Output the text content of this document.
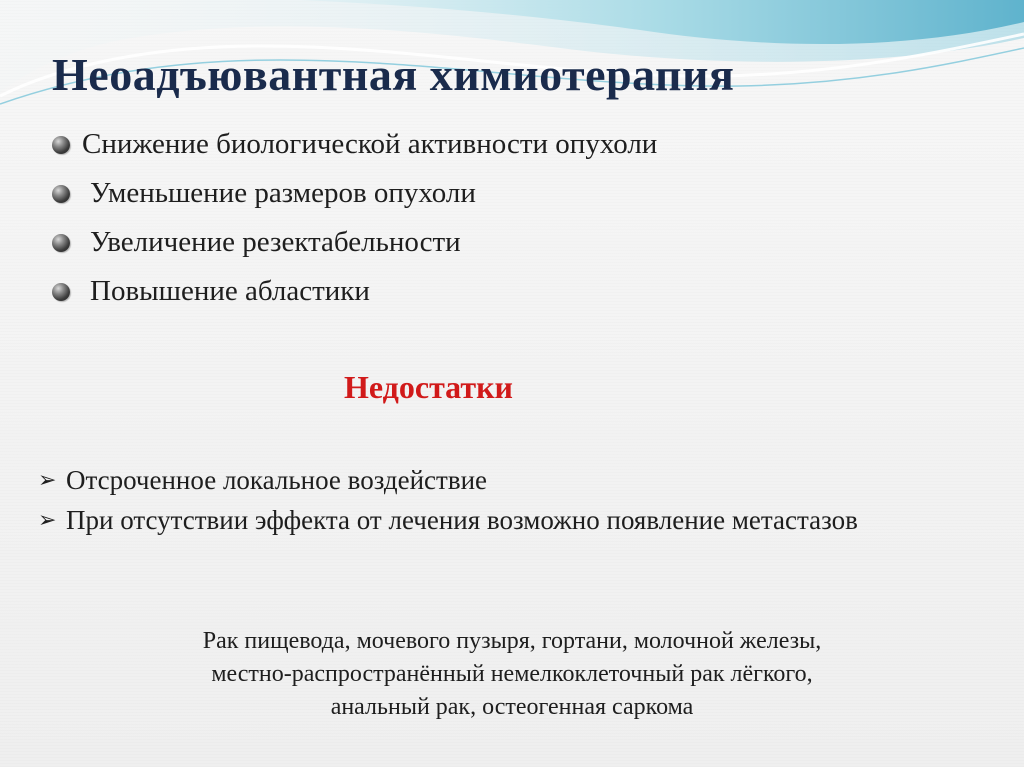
Неоадъювантная химиотерапия
Снижение биологической активности опухоли
Уменьшение размеров опухоли
Увеличение резектабельности
Повышение абластики
Недостатки
➢ Отсроченное локальное воздействие
➢ При отсутствии эффекта от лечения возможно появление метастазов
Рак пищевода, мочевого пузыря, гортани, молочной железы,
местно-распространённый немелкоклеточный рак лёгкого,
анальный рак, остеогенная саркома
